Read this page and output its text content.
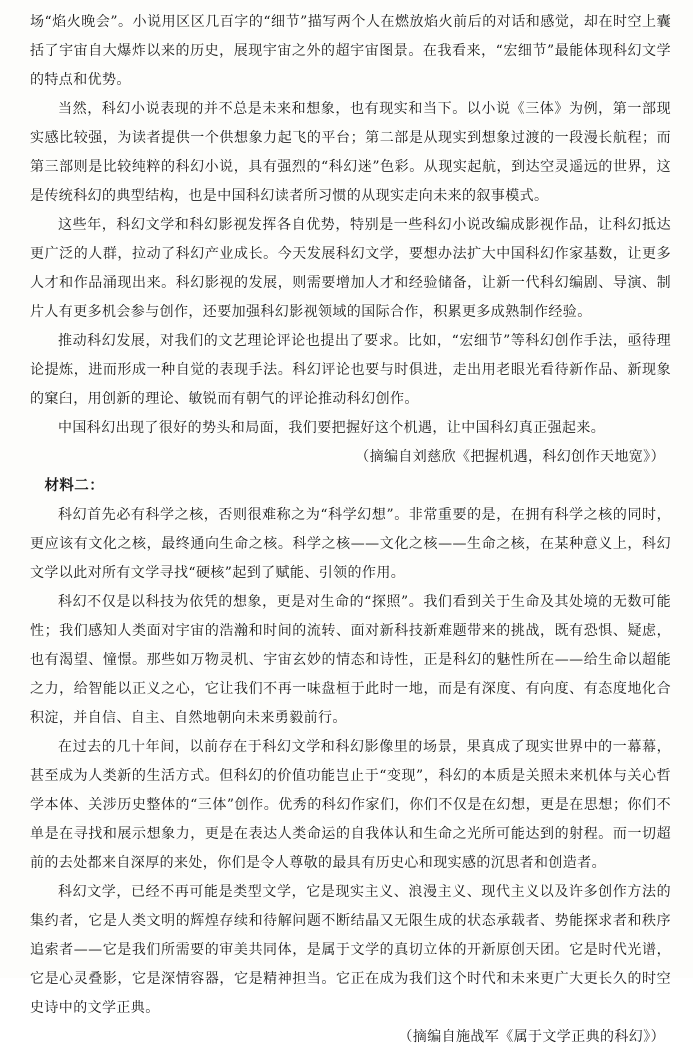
场“焰火晚会”。小说用区区几百字的“细节”描写两个人在燃放焰火前后的对话和感觉，却在时空上囊括了宇宙自大爆炸以来的历史，展现宇宙之外的超宇宙图景。在我看来，“宏细节”最能体现科幻文学的特点和优势。

当然，科幻小说表现的并不总是未来和想象，也有现实和当下。以小说《三体》为例，第一部现实感比较强，为读者提供一个供想象力起飞的平台；第二部是从现实到想象过渡的一段漫长航程；而第三部则是比较纯粹的科幻小说，具有强烈的“科幻迷”色彩。从现实起航，到达空灵遥远的世界，这是传统科幻的典型结构，也是中国科幻读者所习惯的从现实走向未来的叙事模式。

这些年，科幻文学和科幻影视发挥各自优势，特别是一些科幻小说改编成影视作品，让科幻抵达更广泛的人群，拉动了科幻产业成长。今天发展科幻文学，要想办法扩大中国科幻作家基数，让更多人才和作品涌现出来。科幻影视的发展，则需要增加人才和经验储备，让新一代科幻编剧、导演、制片人有更多机会参与创作，还要加强科幻影视领域的国际合作，积累更多成熟制作经验。

推动科幻发展，对我们的文艺理论评论也提出了要求。比如，“宏细节”等科幻创作手法，亟待理论提炼，进而形成一种自觉的表现手法。科幻评论也要与时俱进，走出用老眼光看待新作品、新现象的窠臼，用创新的理论、敏锐而有朝气的评论推动科幻创作。

中国科幻出现了很好的势头和局面，我们要把握好这个机遇，让中国科幻真正强起来。

（摘编自刘慈欣《把握机遇，科幻创作天地宽》）

材料二：

科幻首先必有科学之核，否则很难称之为“科学幻想”。非常重要的是，在拥有科学之核的同时，更应该有文化之核，最终通向生命之核。科学之核——文化之核——生命之核，在某种意义上，科幻文学以此对所有文学寻找“硬核”起到了赋能、引领的作用。

科幻不仅是以科技为依凭的想象，更是对生命的“探照”。我们看到关于生命及其处境的无数可能性；我们感知人类面对宇宙的浩瀚和时间的流转、面对新科技新难题带来的挑战，既有恐惧、疑虑，也有渴望、憧憬。那些如万物灵机、宇宙玄妙的情态和诗性，正是科幻的魅性所在——给生命以超能之力，给智能以正义之心，它让我们不再一味盘桓于此时一地，而是有深度、有向度、有态度地化合积淀，并自信、自主、自然地朝向未来勇毅前行。

在过去的几十年间，以前存在于科幻文学和科幻影像里的场景，果真成了现实世界中的一幕幕，甚至成为人类新的生活方式。但科幻的价值功能岂止于“变现”，科幻的本质是关照未来机体与关心哲学本体、关涉历史整体的“三体”创作。优秀的科幻作家们，你们不仅是在幻想，更是在思想；你们不单是在寻找和展示想象力，更是在表达人类命运的自我体认和生命之光所可能达到的射程。而一切超前的去处都来自深厚的来处，你们是令人尊敬的最具有历史心和现实感的沉思者和创造者。

科幻文学，已经不再可能是类型文学，它是现实主义、浪漫主义、现代主义以及许多创作方法的集约者，它是人类文明的辉煌存续和待解问题不断结晶又无限生成的状态承载者、势能探求者和秩序追索者——它是我们所需要的审美共同体，是属于文学的真切立体的开新原创天团。它是时代光谱，它是心灵叠影，它是深情容器，它是精神担当。它正在成为我们这个时代和未来更广大更长久的时空史诗中的文学正典。

（摘编自施战军《属于文学正典的科幻》）
